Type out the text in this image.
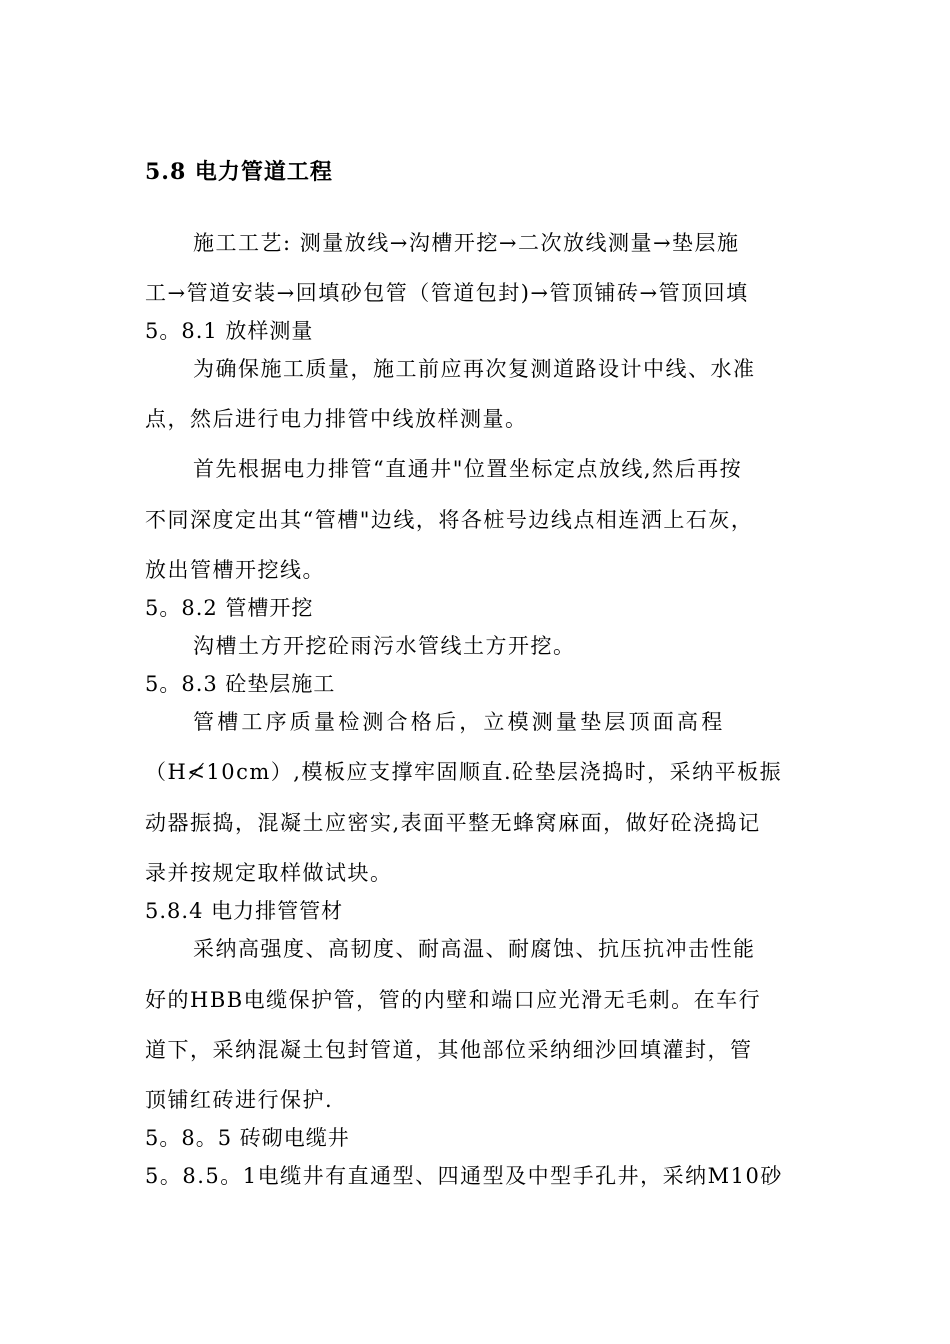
5.8 电力管道工程
施工工艺: 测量放线→沟槽开挖→二次放线测量→垫层施
工→管道安装→回填砂包管（管道包封)→管顶铺砖→管顶回填
5。8.1 放样测量
为确保施工质量，施工前应再次复测道路设计中线、水准
点，然后进行电力排管中线放样测量。
首先根据电力排管“直通井"位置坐标定点放线,然后再按
不同深度定出其“管槽"边线，将各桩号边线点相连洒上石灰，
放出管槽开挖线。
5。8.2 管槽开挖
沟槽土方开挖砼雨污水管线土方开挖。
5。8.3 砼垫层施工
管槽工序质量检测合格后，立模测量垫层顶面高程
（H≮10cm）,模板应支撑牢固顺直.砼垫层浇捣时，采纳平板振
动器振捣，混凝土应密实,表面平整无蜂窝麻面，做好砼浇捣记
录并按规定取样做试块。
5.8.4 电力排管管材
采纳高强度、高韧度、耐高温、耐腐蚀、抗压抗冲击性能
好的HBB电缆保护管，管的内壁和端口应光滑无毛刺。在车行
道下，采纳混凝土包封管道，其他部位采纳细沙回填灌封，管
顶铺红砖进行保护.
5。8。5 砖砌电缆井
5。8.5。1电缆井有直通型、四通型及中型手孔井，采纳M10砂
